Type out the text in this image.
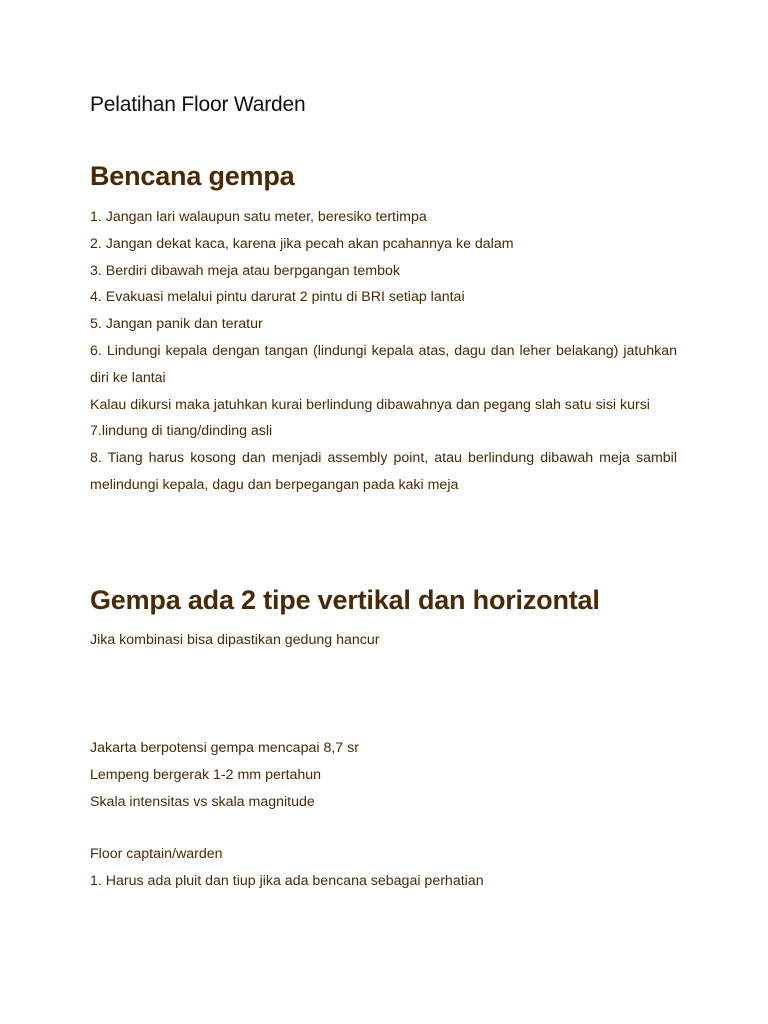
Pelatihan Floor Warden
Bencana gempa

1. Jangan lari walaupun satu meter, beresiko tertimpa

2. Jangan dekat kaca, karena jika pecah akan pcahannya ke dalam

3. Berdiri dibawah meja atau berpgangan tembok

4. Evakuasi melalui pintu darurat 2 pintu di BRI setiap lantai

5. Jangan panik dan teratur

6. Lindungi kepala dengan tangan (lindungi kepala atas, dagu dan leher belakang) jatuhkan diri ke lantai

Kalau dikursi maka jatuhkan kurai berlindung dibawahnya dan pegang slah satu sisi kursi

7.lindung di tiang/dinding asli

8. Tiang harus kosong dan menjadi assembly point, atau berlindung dibawah meja sambil melindungi kepala, dagu dan berpegangan pada kaki meja

Gempa ada 2 tipe vertikal dan horizontal

Jika kombinasi bisa dipastikan gedung hancur

Jakarta berpotensi gempa mencapai 8,7 sr

Lempeng bergerak 1-2 mm pertahun

Skala intensitas vs skala magnitude

Floor captain/warden

1. Harus ada pluit dan tiup jika ada bencana sebagai perhatian
